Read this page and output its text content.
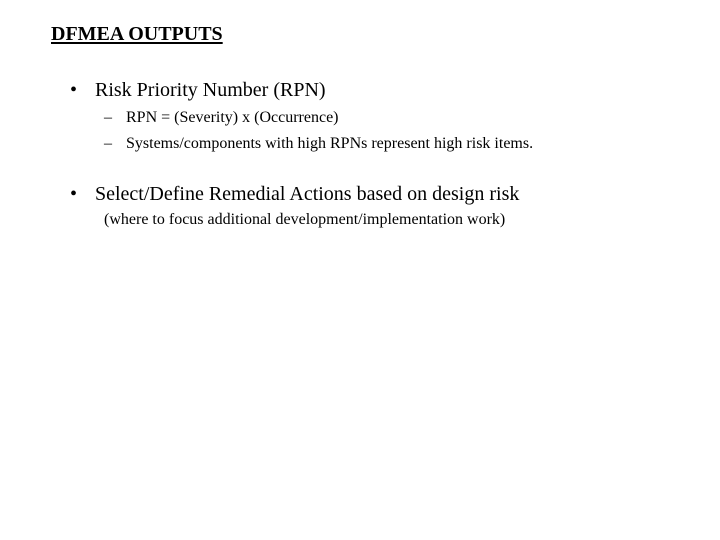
DFMEA OUTPUTS
• Risk Priority Number (RPN)
– RPN = (Severity) x (Occurrence)
– Systems/components with high RPNs represent high risk items.
• Select/Define Remedial Actions based on design risk
(where to focus additional development/implementation work)
